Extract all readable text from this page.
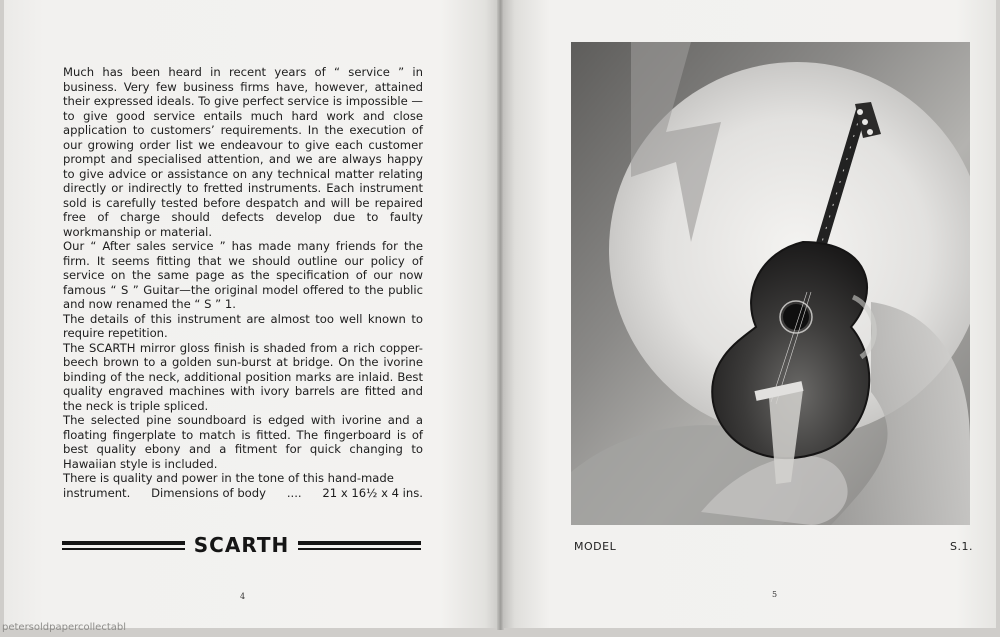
Much has been heard in recent years of “ service ” in business. Very few business firms have, however, attained their expressed ideals. To give perfect service is impossible —to give good service entails much hard work and close application to customers’ requirements. In the execution of our growing order list we endeavour to give each customer prompt and specialised attention, and we are always happy to give advice or assistance on any technical matter relating directly or indirectly to fretted instruments. Each instrument sold is carefully tested before despatch and will be repaired free of charge should defects develop due to faulty workmanship or material.

Our “ After sales service ” has made many friends for the firm. It seems fitting that we should outline our policy of service on the same page as the specification of our now famous “ S ” Guitar—the original model offered to the public and now renamed the “ S ” 1.

The details of this instrument are almost too well known to require repetition.

The SCARTH mirror gloss finish is shaded from a rich copper-beech brown to a golden sun-burst at bridge. On the ivorine binding of the neck, additional position marks are inlaid. Best quality engraved machines with ivory barrels are fitted and the neck is triple spliced.

The selected pine soundboard is edged with ivorine and a floating fingerplate to match is fitted. The fingerboard is of best quality ebony and a fitment for quick changing to Hawaiian style is included.

There is quality and power in the tone of this hand-made

instrument. Dimensions of body .... 21 x 16½ x 4 ins.
SCARTH
4
MODEL	S.1.
5
petersoldpapercollectabl
